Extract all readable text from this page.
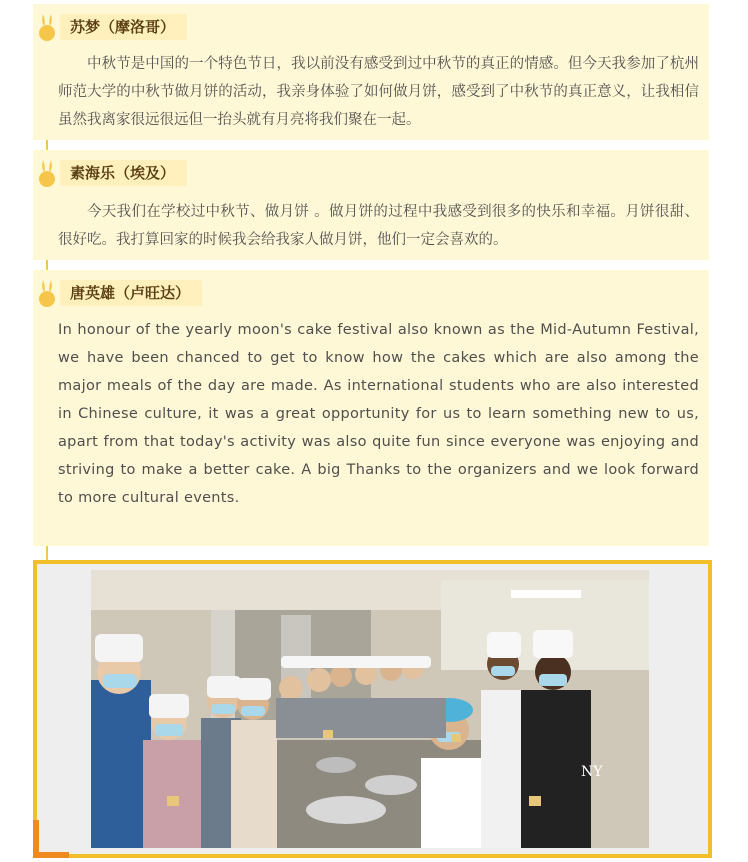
苏梦（摩洛哥）
中秋节是中国的一个特色节日，我以前没有感受到过中秋节的真正的情感。但今天我参加了杭州师范大学的中秋节做月饼的活动，我亲身体验了如何做月饼，感受到了中秋节的真正意义，让我相信虽然我离家很远很远但一抬头就有月亮将我们聚在一起。
素海乐（埃及）
今天我们在学校过中秋节、做月饼 。做月饼的过程中我感受到很多的快乐和幸福。月饼很甜、很好吃。我打算回家的时候我会给我家人做月饼，他们一定会喜欢的。
唐英雄（卢旺达）
In honour of the yearly moon's cake festival also known as the Mid-Autumn Festival, we have been chanced to get to know how the cakes which are also among the major meals of the day are made. As international students who are also interested in Chinese culture, it was a great opportunity for us to learn something new to us, apart from that today's activity was also quite fun since everyone was enjoying and striving to make a better cake. A big Thanks to the organizers and we look forward to more cultural events.
NY
